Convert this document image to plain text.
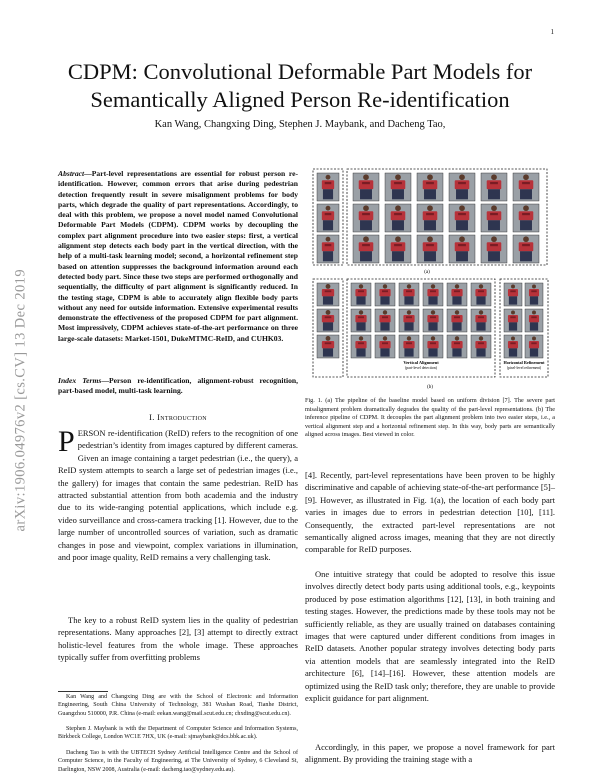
1
arXiv:1906.04976v2 [cs.CV] 13 Dec 2019
CDPM: Convolutional Deformable Part Models for Semantically Aligned Person Re-identification
Kan Wang, Changxing Ding, Stephen J. Maybank, and Dacheng Tao,
Abstract—Part-level representations are essential for robust person re-identification. However, common errors that arise during pedestrian detection frequently result in severe misalignment problems for body parts, which degrade the quality of part representations. Accordingly, to deal with this problem, we propose a novel model named Convolutional Deformable Part Models (CDPM). CDPM works by decoupling the complex part alignment procedure into two easier steps: first, a vertical alignment step detects each body part in the vertical direction, with the help of a multi-task learning model; second, a horizontal refinement step based on attention suppresses the background information around each detected body part. Since these two steps are performed orthogonally and sequentially, the difficulty of part alignment is significantly reduced. In the testing stage, CDPM is able to accurately align flexible body parts without any need for outside information. Extensive experimental results demonstrate the effectiveness of the proposed CDPM for part alignment. Most impressively, CDPM achieves state-of-the-art performance on three large-scale datasets: Market-1501, DukeMTMC-ReID, and CUHK03.
Index Terms—Person re-identification, alignment-robust recognition, part-based model, multi-task learning.
I. Introduction
PERSON re-identification (ReID) refers to the recognition of one pedestrian’s identity from images captured by different cameras. Given an image containing a target pedestrian (i.e., the query), a ReID system attempts to search a large set of pedestrian images (i.e., the gallery) for images that contain the same pedestrian. ReID has attracted substantial attention from both academia and the industry due to its wide-ranging potential applications, which include e.g. video surveillance and cross-camera tracking [1]. However, due to the large number of uncontrolled sources of variation, such as dramatic changes in pose and viewpoint, complex variations in illumination, and poor image quality, ReID remains a very challenging task.
The key to a robust ReID system lies in the quality of pedestrian representations. Many approaches [2], [3] attempt to directly extract holistic-level features from the whole image. These approaches typically suffer from overfitting problems
Kan Wang and Changxing Ding are with the School of Electronic and Information Engineering, South China University of Technology, 381 Wushan Road, Tianhe District, Guangzhou 510000, P.R. China (e-mail: eekan.wang@mail.scut.edu.cn; chxding@scut.edu.cn).
Stephen J. Maybank is with the Department of Computer Science and Information Systems, Birkbeck College, London WC1E 7HX, UK (e-mail: sjmaybank@dcs.bbk.ac.uk).
Dacheng Tao is with the UBTECH Sydney Artificial Intelligence Centre and the School of Computer Science, in the Faculty of Engineering, at The University of Sydney, 6 Cleveland St, Darlington, NSW 2008, Australia (e-mail: dacheng.tao@sydney.edu.au).
(a)
Vertical Alignment
(part-level detection)
Horizontal Refinement
(pixel-level refinement)
(b)
Fig. 1. (a) The pipeline of the baseline model based on uniform division [7]. The severe part misalignment problem dramatically degrades the quality of the part-level representations. (b) The inference pipeline of CDPM. It decouples the part alignment problem into two easier steps, i.e., a vertical alignment step and a horizontal refinement step. In this way, body parts are semantically aligned across images. Best viewed in color.
[4]. Recently, part-level representations have been proven to be highly discriminative and capable of achieving state-of-the-art performance [5]–[9]. However, as illustrated in Fig. 1(a), the location of each body part varies in images due to errors in pedestrian detection [10], [11]. Consequently, the extracted part-level representations are not semantically aligned across images, meaning that they are not directly comparable for ReID purposes.
One intuitive strategy that could be adopted to resolve this issue involves directly detect body parts using additional tools, e.g., keypoints produced by pose estimation algorithms [12], [13], in both training and testing stages. However, the predictions made by these tools may not be sufficiently reliable, as they are usually trained on databases containing images that were captured under different conditions from images in ReID datasets. Another popular strategy involves detecting body parts via attention models that are seamlessly integrated into the ReID architecture [6], [14]–[16]. However, these attention models are optimized using the ReID task only; therefore, they are unable to provide explicit guidance for part alignment.
Accordingly, in this paper, we propose a novel framework for part alignment. By providing the training stage with a
